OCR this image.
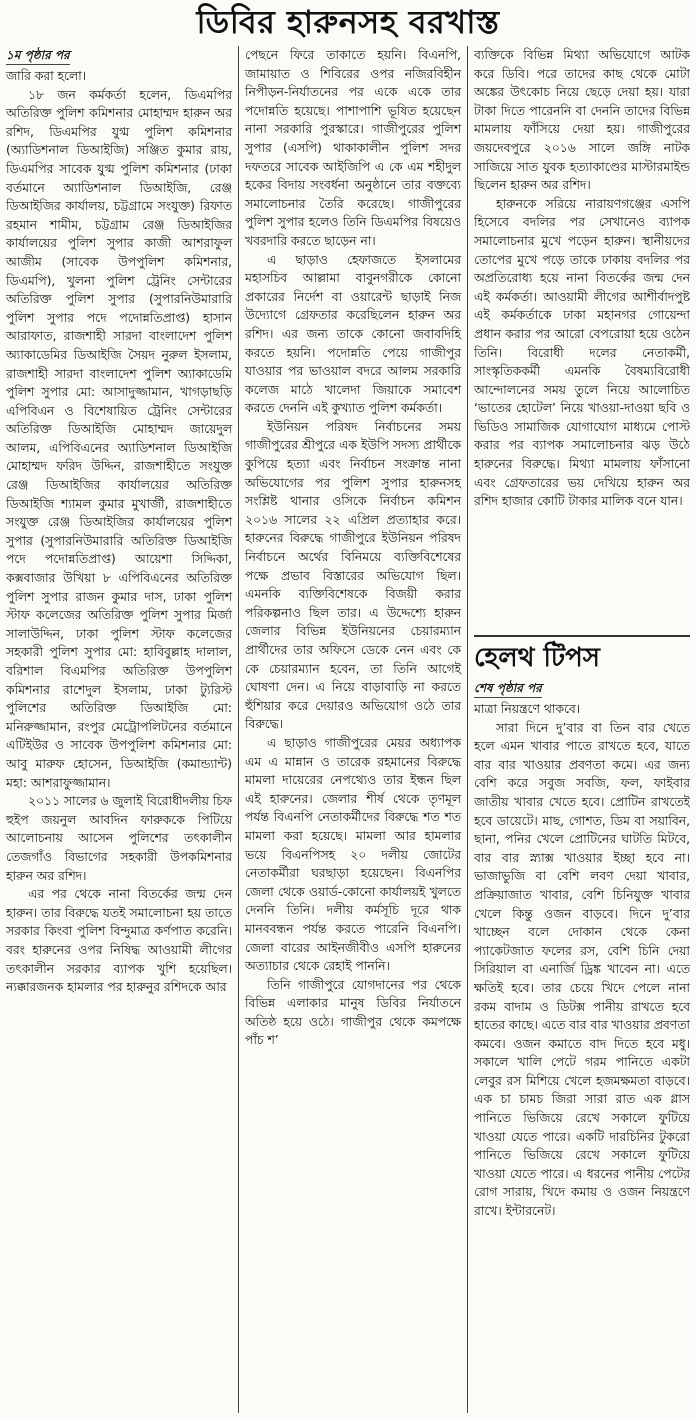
ডিবির হারুনসহ বরখাস্ত
১ম পৃষ্ঠার পর

জারি করা হলো।

১৮ জন কর্মকর্তা হলেন, ডিএমপির অতিরিক্ত পুলিশ কমিশনার মোহাম্মদ হারুন অর রশিদ, ডিএমপির যুগ্ম পুলিশ কমিশনার (অ্যাডিশনাল ডিআইজি) সঞ্জিত কুমার রায়, ডিএমপির সাবেক যুগ্ম পুলিশ কমিশনার (ঢাকা বর্তমানে অ্যাডিশনাল ডিআইজি, রেঞ্জ ডিআইজির কার্যালয়, চট্টগ্রামে সংযুক্ত) রিফাত রহমান শামীম, চট্টগ্রাম রেঞ্জ ডিআইজির কার্যালয়ের পুলিশ সুপার কাজী আশরাফুল আজীম (সাবেক উপপুলিশ কমিশনার, ডিএমপি), খুলনা পুলিশ ট্রেনিং সেন্টারের অতিরিক্ত পুলিশ সুপার (সুপারনিউমারারি পুলিশ সুপার পদে পদোন্নতিপ্রাপ্ত) হাসান আরাফাত, রাজশাহী সারদা বাংলাদেশ পুলিশ অ্যাকাডেমির ডিআইজি সৈয়দ নুরুল ইসলাম, রাজশাহী সারদা বাংলাদেশ পুলিশ অ্যাকাডেমি পুলিশ সুপার মো: আসাদুজ্জামান, খাগড়াছড়ি এপিবিএন ও বিশেষায়িত ট্রেনিং সেন্টারের অতিরিক্ত ডিআইজি মোহাম্মদ জায়েদুল আলম, এপিবিএনের অ্যাডিশনাল ডিআইজি মোহাম্মদ ফরিদ উদ্দিন, রাজশাহীতে সংযুক্ত রেঞ্জ ডিআইজির কার্যালয়ের অতিরিক্ত ডিআইজি শ্যামল কুমার মুখার্জী, রাজশাহীতে সংযুক্ত রেঞ্জ ডিআইজির কার্যালয়ের পুলিশ সুপার (সুপারনিউমারারি অতিরিক্ত ডিআইজি পদে পদোন্নতিপ্রাপ্ত) আয়েশা সিদ্দিকা, কক্সবাজার উখিয়া ৮ এপিবিএনের অতিরিক্ত পুলিশ সুপার রাজন কুমার দাস, ঢাকা পুলিশ স্টাফ কলেজের অতিরিক্ত পুলিশ সুপার মির্জা সালাউদ্দিন, ঢাকা পুলিশ স্টাফ কলেজের সহকারী পুলিশ সুপার মো: হাবিবুল্লাহ দালাল, বরিশাল বিএমপির অতিরিক্ত উপপুলিশ কমিশনার রাশেদুল ইসলাম, ঢাকা ট্যুরিস্ট পুলিশের অতিরিক্ত ডিআইজি মো: মনিরুজ্জামান, রংপুর মেট্রোপলিটনের বর্তমানে এটিইউর ও সাবেক উপপুলিশ কমিশনার মো: আবু মারুফ হোসেন, ডিআইজি (কমান্ড্যান্ট) মহা: আশরাফুজ্জামান।

২০১১ সালের ৬ জুলাই বিরোধীদলীয় চিফ হুইপ জয়নুল আবদিন ফারুককে পিটিয়ে আলোচনায় আসেন পুলিশের তৎকালীন তেজগাঁও বিভাগের সহকারী উপকমিশনার হারুন অর রশিদ।

এর পর থেকে নানা বিতর্কের জন্ম দেন হারুন। তার বিরুদ্ধে যতই সমালোচনা হয় তাতে সরকার কিংবা পুলিশ বিন্দুমাত্র কর্ণপাত করেনি। বরং হারুনের ওপর নিষিদ্ধ আওয়ামী লীগের তৎকালীন সরকার ব্যাপক খুশি হয়েছিল। ন্যক্কারজনক হামলার পর হারুনুর রশিদকে আর

পেছনে ফিরে তাকাতে হয়নি। বিএনপি, জামায়াত ও শিবিরের ওপর নজিরবিহীন নিপীড়ন-নির্যাতনের পর একে একে তার পদোন্নতি হয়েছে। পাশাপাশি ভূষিত হয়েছেন নানা সরকারি পুরস্কারে। গাজীপুরের পুলিশ সুপার (এসপি) থাকাকালীন পুলিশ সদর দফতরে সাবেক আইজিপি এ কে এম শহীদুল হকের বিদায় সংবর্ধনা অনুষ্ঠানে তার বক্তব্যে সমালোচনার তৈরি করেছে। গাজীপুরের পুলিশ সুপার হলেও তিনি ডিএমপির বিষয়েও খবরদারি করতে ছাড়েন না।

এ ছাড়াও হেফাজতে ইসলামের মহাসচিব আল্লামা বাবুনগরীকে কোনো প্রকারের নির্দেশ বা ওয়ারেন্ট ছাড়াই নিজ উদ্যোগে গ্রেফতার করেছিলেন হারুন অর রশিদ। এর জন্য তাকে কোনো জবাবদিহি করতে হয়নি। পদোন্নতি পেয়ে গাজীপুর যাওয়ার পর ভাওয়াল বদরে আলম সরকারি কলেজ মাঠে খালেদা জিয়াকে সমাবেশ করতে দেননি এই কুখ্যাত পুলিশ কর্মকর্তা।

ইউনিয়ন পরিষদ নির্বাচনের সময় গাজীপুরের শ্রীপুরে এক ইউপি সদস্য প্রার্থীকে কুপিয়ে হত্যা এবং নির্বাচন সংক্রান্ত নানা অভিযোগের পর পুলিশ সুপার হারুনসহ সংশ্লিষ্ট থানার ওসিকে নির্বাচন কমিশন ২০১৬ সালের ২২ এপ্রিল প্রত্যাহার করে। হারুনের বিরুদ্ধে গাজীপুরে ইউনিয়ন পরিষদ নির্বাচনে অর্থের বিনিময়ে ব্যক্তিবিশেষের পক্ষে প্রভাব বিস্তারের অভিযোগ ছিল। এমনকি ব্যক্তিবিশেষকে বিজয়ী করার পরিকল্পনাও ছিল তার। এ উদ্দেশ্যে হারুন জেলার বিভিন্ন ইউনিয়নের চেয়ারম্যান প্রার্থীদের তার অফিসে ডেকে নেন এবং কে কে চেয়ারম্যান হবেন, তা তিনি আগেই ঘোষণা দেন। এ নিয়ে বাড়াবাড়ি না করতে হুঁশিয়ার করে দেয়ারও অভিযোগ ওঠে তার বিরুদ্ধে।

এ ছাড়াও গাজীপুরের মেয়র অধ্যাপক এম এ মান্নান ও তারেক রহমানের বিরুদ্ধে মামলা দায়েরের নেপথ্যেও তার ইন্ধন ছিল এই হারুনের। জেলার শীর্ষ থেকে তৃণমূল পর্যন্ত বিএনপি নেতাকর্মীদের বিরুদ্ধে শত শত মামলা করা হয়েছে। মামলা আর হামলার ভয়ে বিএনপিসহ ২০ দলীয় জোটের নেতাকর্মীরা ঘরছাড়া হয়েছেন। বিএনপির জেলা থেকে ওয়ার্ড-কোনো কার্যালয়ই খুলতে দেননি তিনি। দলীয় কর্মসূচি দূরে থাক মানববন্ধন পর্যন্ত করতে পারেনি বিএনপি। জেলা বারের আইনজীবীও এসপি হারুনের অত্যাচার থেকে রেহাই পাননি।

তিনি গাজীপুরে যোগদানের পর থেকে বিভিন্ন এলাকার মানুষ ডিবির নির্যাতনে অতিষ্ঠ হয়ে ওঠে। গাজীপুর থেকে কমপক্ষে পাঁচ শ’

ব্যক্তিকে বিভিন্ন মিথ্যা অভিযোগে আটক করে ডিবি। পরে তাদের কাছ থেকে মোটা অঙ্কের উৎকোচ নিয়ে ছেড়ে দেয়া হয়। যারা টাকা দিতে পারেননি বা দেননি তাদের বিভিন্ন মামলায় ফাঁসিয়ে দেয়া হয়। গাজীপুরের জয়দেবপুরে ২০১৬ সালে জঙ্গি নাটক সাজিয়ে সাত যুবক হত্যাকাণ্ডের মাস্টারমাইন্ড ছিলেন হারুন অর রশিদ।

হারুনকে সরিয়ে নারায়ণগঞ্জের এসপি হিসেবে বদলির পর সেখানেও ব্যাপক সমালোচনার মুখে পড়েন হারুন। স্থানীয়দের তোপের মুখে পড়ে তাকে ঢাকায় বদলির পর অপ্রতিরোধ্য হয়ে নানা বিতর্কের জন্ম দেন এই কর্মকর্তা। আওয়ামী লীগের আশীর্বাদপুষ্ট এই কর্মকর্তাকে ঢাকা মহানগর গোয়েন্দা প্রধান করার পর আরো বেপরোয়া হয়ে ওঠেন তিনি। বিরোধী দলের নেতাকর্মী, সাংস্কৃতিককর্মী এমনকি বৈষম্যবিরোধী আন্দোলনের সময় তুলে নিয়ে আলোচিত ‘ভাতের হোটেল’ নিয়ে খাওয়া-দাওয়া ছবি ও ভিডিও সামাজিক যোগাযোগ মাধ্যমে পোস্ট করার পর ব্যাপক সমালোচনার ঝড় উঠে হারুনের বিরুদ্ধে। মিথ্যা মামলায় ফাঁসানো এবং গ্রেফতারের ভয় দেখিয়ে হারুন অর রশিদ হাজার কোটি টাকার মালিক বনে যান।

হেলথ টিপস
শেষ পৃষ্ঠার পর

মাত্রা নিয়ন্ত্রণে থাকবে।

সারা দিনে দু’বার বা তিন বার খেতে হলে এমন খাবার পাতে রাখতে হবে, যাতে বার বার খাওয়ার প্রবণতা কমে। এর জন্য বেশি করে সবুজ সবজি, ফল, ফাইবার জাতীয় খাবার খেতে হবে। প্রোটিন রাখতেই হবে ডায়েটে। মাছ, গোশত, ডিম বা সয়াবিন, ছানা, পনির খেলে প্রোটিনের ঘাটতি মিটবে, বার বার স্ন্যাক্স খাওয়ার ইচ্ছা হবে না। ভাজাভুজি বা বেশি লবণ দেয়া খাবার, প্রক্রিয়াজাত খাবার, বেশি চিনিযুক্ত খাবার খেলে কিন্তু ওজন বাড়বে। দিনে দু’বার খাচ্ছেন বলে দোকান থেকে কেনা প্যাকেটজাত ফলের রস, বেশি চিনি দেয়া সিরিয়াল বা এনার্জি ড্রিঙ্ক খাবেন না। এতে ক্ষতিই হবে। তার চেয়ে খিদে পেলে নানা রকম বাদাম ও ডিটক্স পানীয় রাখতে হবে হাতের কাছে। এতে বার বার খাওয়ার প্রবণতা কমবে। ওজন কমাতে বাদ দিতে হবে মধু। সকালে খালি পেটে গরম পানিতে একটা লেবুর রস মিশিয়ে খেলে হজমক্ষমতা বাড়বে। এক চা চামচ জিরা সারা রাত এক গ্লাস পানিতে ভিজিয়ে রেখে সকালে ফুটিয়ে খাওয়া যেতে পারে। একটি দারচিনির টুকরো পানিতে ভিজিয়ে রেখে সকালে ফুটিয়ে খাওয়া যেতে পারে। এ ধরনের পানীয় পেটের রোগ সারায়, খিদে কমায় ও ওজন নিয়ন্ত্রণে রাখে। ইন্টারনেট।
